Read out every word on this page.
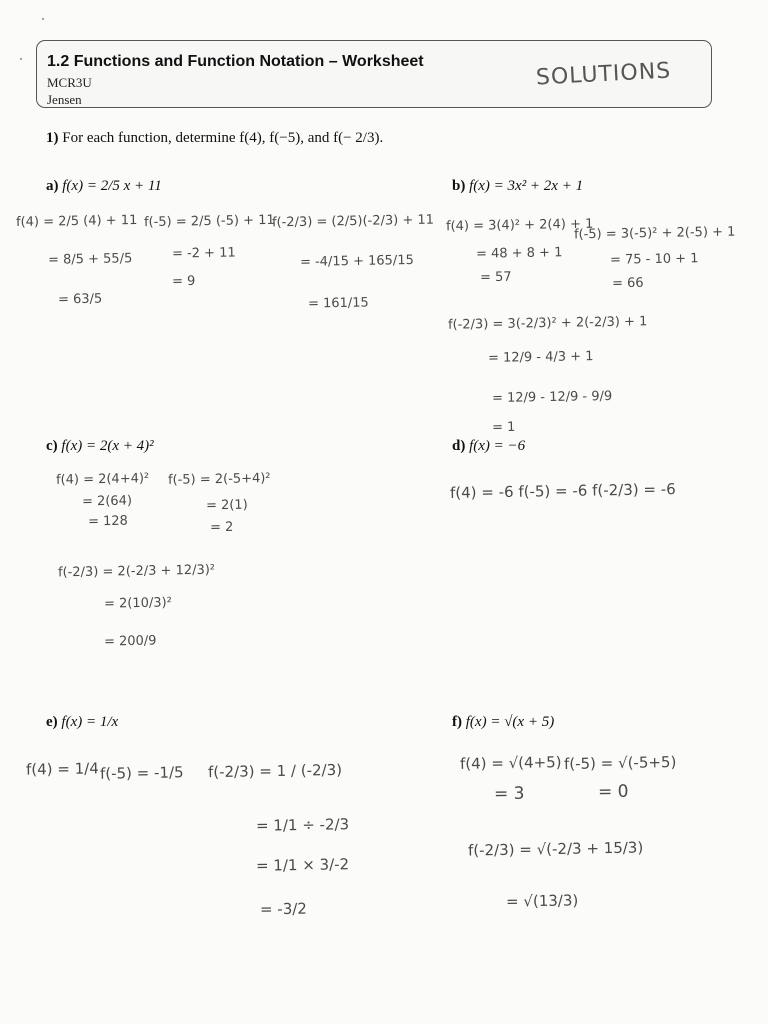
1.2 Functions and Function Notation – Worksheet
MCR3U
Jensen
SOLUTIONS
1) For each function, determine f(4), f(−5), and f(− 2/3).
a) f(x) = 2/5 x + 11
f(4) = 2/5 (4) + 11
= 8/5 + 55/5
= 63/5
f(-5) = 2/5 (-5) + 11
= -2 + 11
= 9
f(-2/3) = (2/5)(-2/3) + 11
= -4/15 + 165/15
= 161/15
b) f(x) = 3x² + 2x + 1
f(4) = 3(4)² + 2(4) + 1
= 48 + 8 + 1
= 57
f(-5) = 3(-5)² + 2(-5) + 1
= 75 - 10 + 1
= 66
f(-2/3) = 3(-2/3)² + 2(-2/3) + 1
= 12/9 - 4/3 + 1
= 12/9 - 12/9 - 9/9
= 1
c) f(x) = 2(x + 4)²
f(4) = 2(4+4)²
= 2(64)
= 128
f(-5) = 2(-5+4)²
= 2(1)
= 2
f(-2/3) = 2(-2/3 + 12/3)²
= 2(10/3)²
= 200/9
d) f(x) = −6
f(4) = -6 f(-5) = -6 f(-2/3) = -6
e) f(x) = 1/x
f(4) = 1/4 f(-5) = -1/5 f(-2/3) = 1 / (-2/3)
= 1/1 ÷ -2/3
= 1/1 × 3/-2
= -3/2
f) f(x) = √(x + 5)
f(4) = √(4+5)
= 3
f(-5) = √(-5+5)
= 0
f(-2/3) = √(-2/3 + 15/3)
= √(13/3)
